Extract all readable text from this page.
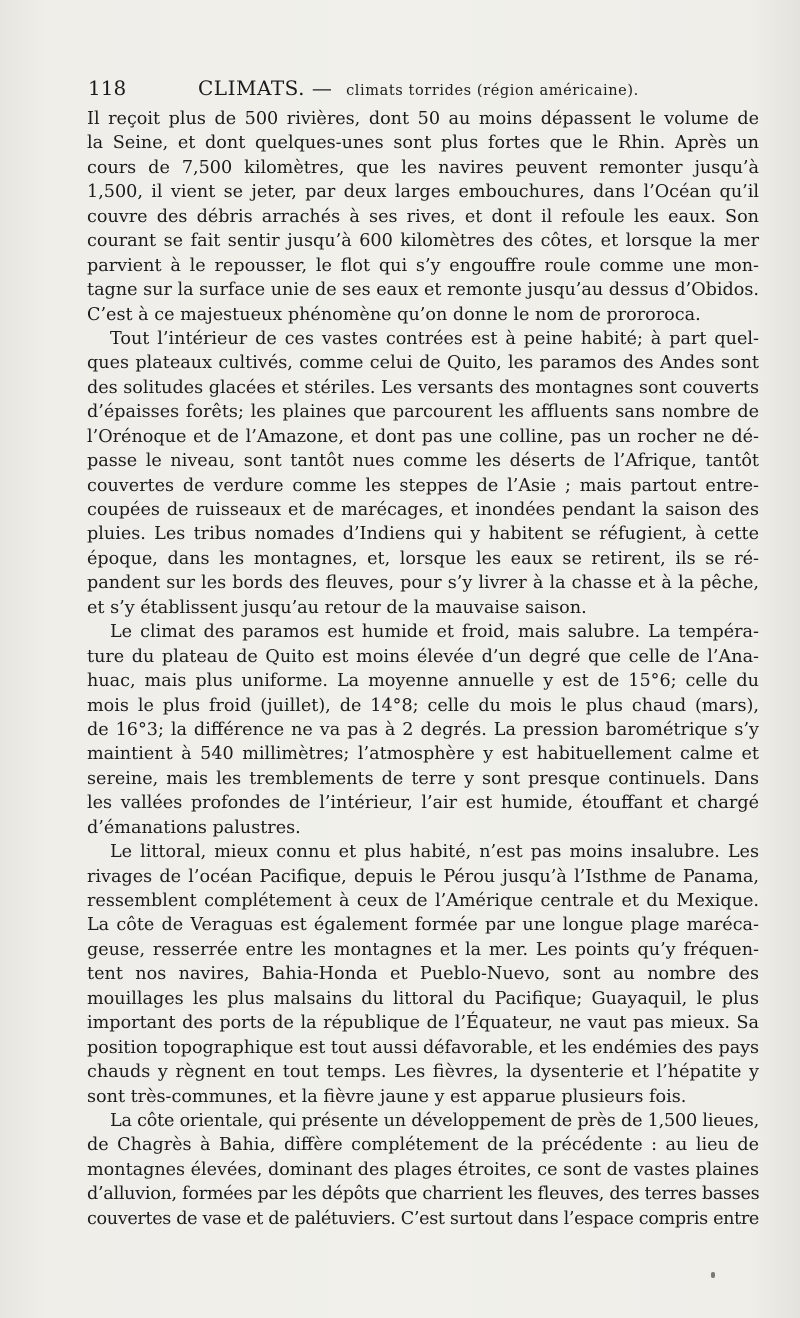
118	CLIMATS. — climats torrides (région américaine).
Il reçoit plus de 500 rivières, dont 50 au moins dépassent le volume de
la Seine, et dont quelques-unes sont plus fortes que le Rhin. Après un
cours de 7,500 kilomètres, que les navires peuvent remonter jusqu’à
1,500, il vient se jeter, par deux larges embouchures, dans l’Océan qu’il
couvre des débris arrachés à ses rives, et dont il refoule les eaux. Son
courant se fait sentir jusqu’à 600 kilomètres des côtes, et lorsque la mer
parvient à le repousser, le flot qui s’y engouffre roule comme une mon-
tagne sur la surface unie de ses eaux et remonte jusqu’au dessus d’Obidos.
C’est à ce majestueux phénomène qu’on donne le nom de prororoca.
Tout l’intérieur de ces vastes contrées est à peine habité; à part quel-
ques plateaux cultivés, comme celui de Quito, les paramos des Andes sont
des solitudes glacées et stériles. Les versants des montagnes sont couverts
d’épaisses forêts; les plaines que parcourent les affluents sans nombre de
l’Orénoque et de l’Amazone, et dont pas une colline, pas un rocher ne dé-
passe le niveau, sont tantôt nues comme les déserts de l’Afrique, tantôt
couvertes de verdure comme les steppes de l’Asie ; mais partout entre-
coupées de ruisseaux et de marécages, et inondées pendant la saison des
pluies. Les tribus nomades d’Indiens qui y habitent se réfugient, à cette
époque, dans les montagnes, et, lorsque les eaux se retirent, ils se ré-
pandent sur les bords des fleuves, pour s’y livrer à la chasse et à la pêche,
et s’y établissent jusqu’au retour de la mauvaise saison.
Le climat des paramos est humide et froid, mais salubre. La tempéra-
ture du plateau de Quito est moins élevée d’un degré que celle de l’Ana-
huac, mais plus uniforme. La moyenne annuelle y est de 15°6; celle du
mois le plus froid (juillet), de 14°8; celle du mois le plus chaud (mars),
de 16°3; la différence ne va pas à 2 degrés. La pression barométrique s’y
maintient à 540 millimètres; l’atmosphère y est habituellement calme et
sereine, mais les tremblements de terre y sont presque continuels. Dans
les vallées profondes de l’intérieur, l’air est humide, étouffant et chargé
d’émanations palustres.
Le littoral, mieux connu et plus habité, n’est pas moins insalubre. Les
rivages de l’océan Pacifique, depuis le Pérou jusqu’à l’Isthme de Panama,
ressemblent complétement à ceux de l’Amérique centrale et du Mexique.
La côte de Veraguas est également formée par une longue plage maréca-
geuse, resserrée entre les montagnes et la mer. Les points qu’y fréquen-
tent nos navires, Bahia-Honda et Pueblo-Nuevo, sont au nombre des
mouillages les plus malsains du littoral du Pacifique; Guayaquil, le plus
important des ports de la république de l’Équateur, ne vaut pas mieux. Sa
position topographique est tout aussi défavorable, et les endémies des pays
chauds y règnent en tout temps. Les fièvres, la dysenterie et l’hépatite y
sont très-communes, et la fièvre jaune y est apparue plusieurs fois.
La côte orientale, qui présente un développement de près de 1,500 lieues,
de Chagrès à Bahia, diffère complétement de la précédente : au lieu de
montagnes élevées, dominant des plages étroites, ce sont de vastes plaines
d’alluvion, formées par les dépôts que charrient les fleuves, des terres basses
couvertes de vase et de palétuviers. C’est surtout dans l’espace compris entre
